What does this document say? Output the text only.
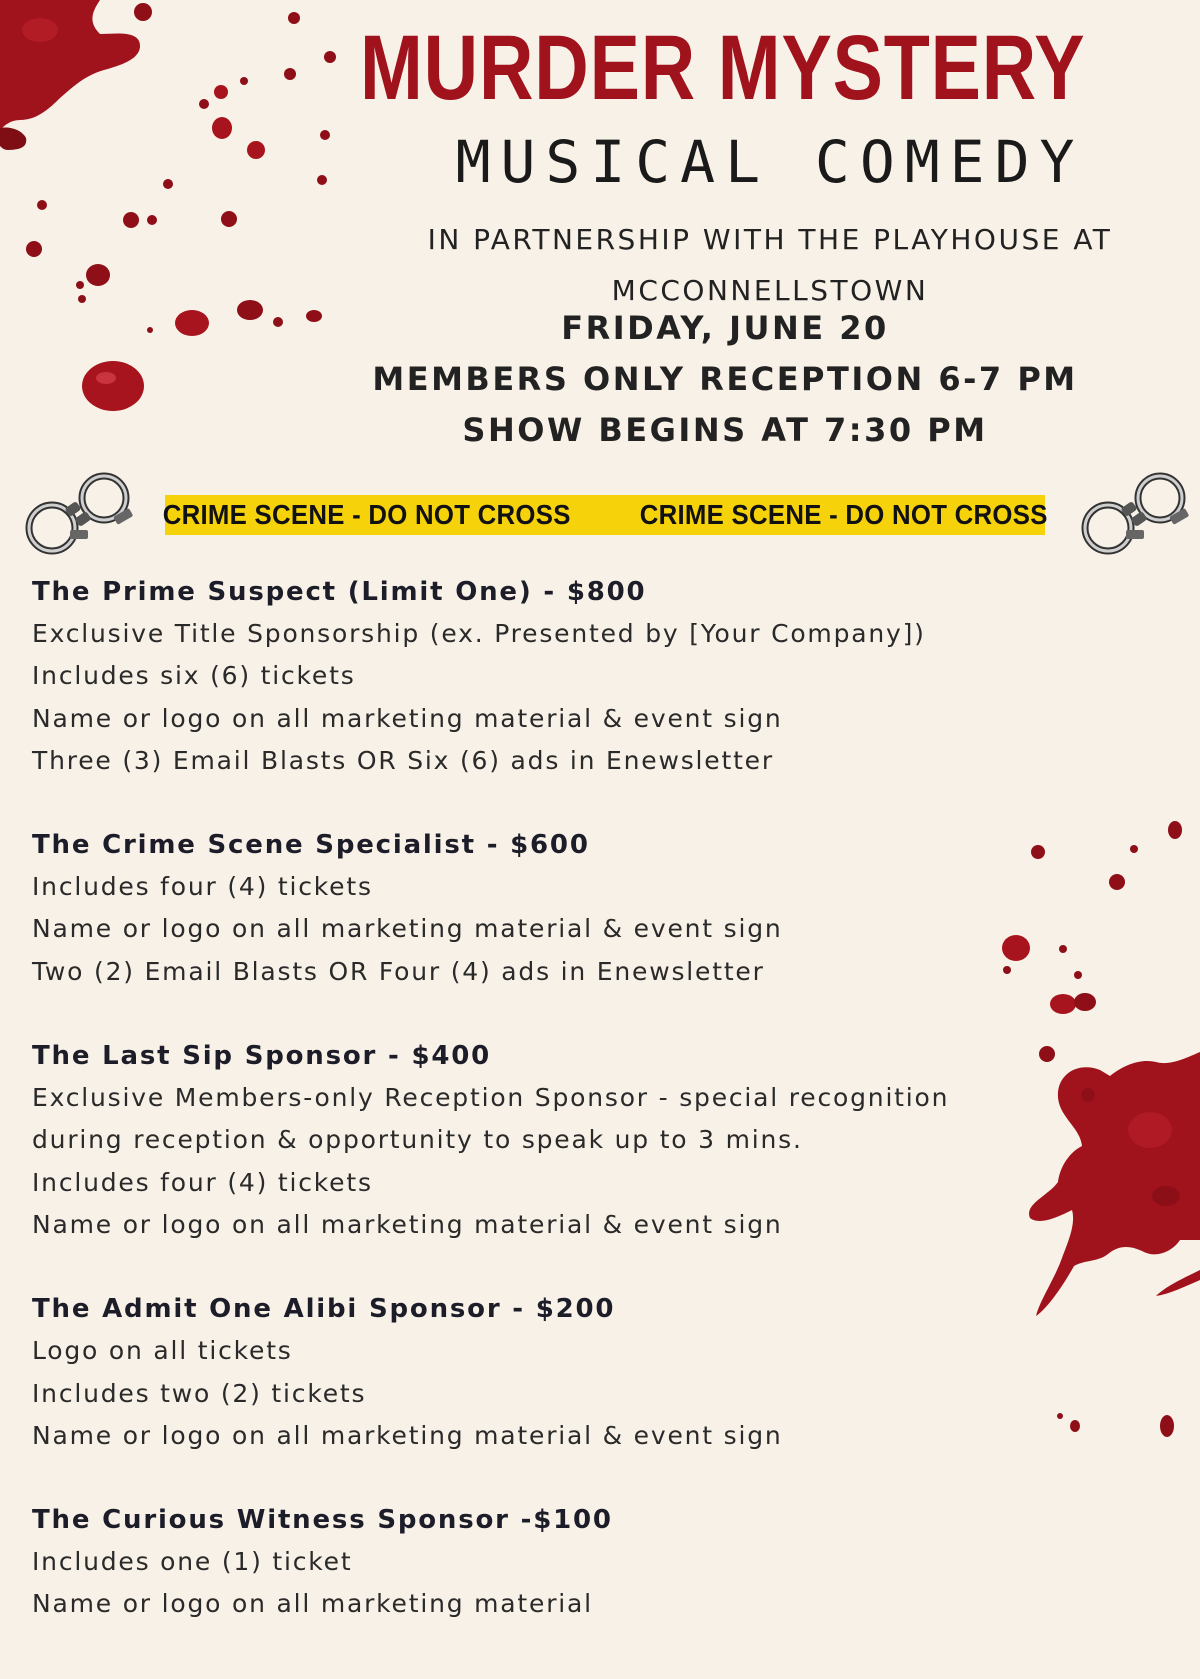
MURDER MYSTERY
MUSICAL COMEDY
IN PARTNERSHIP WITH THE PLAYHOUSE AT
MCCONNELLSTOWN
FRIDAY, JUNE 20
MEMBERS ONLY RECEPTION 6-7 PM
SHOW BEGINS AT 7:30 PM
CRIME SCENE - DO NOT CROSS CRIME SCENE - DO NOT CROSS
The Prime Suspect (Limit One) - $800
Exclusive Title Sponsorship (ex. Presented by [Your Company])
Includes six (6) tickets
Name or logo on all marketing material & event sign
Three (3) Email Blasts OR Six (6) ads in Enewsletter
The Crime Scene Specialist - $600
Includes four (4) tickets
Name or logo on all marketing material & event sign
Two (2) Email Blasts OR Four (4) ads in Enewsletter
The Last Sip Sponsor - $400
Exclusive Members-only Reception Sponsor - special recognition
during reception & opportunity to speak up to 3 mins.
Includes four (4) tickets
Name or logo on all marketing material & event sign
The Admit One Alibi Sponsor - $200
Logo on all tickets
Includes two (2) tickets
Name or logo on all marketing material & event sign
The Curious Witness Sponsor -$100
Includes one (1) ticket
Name or logo on all marketing material
